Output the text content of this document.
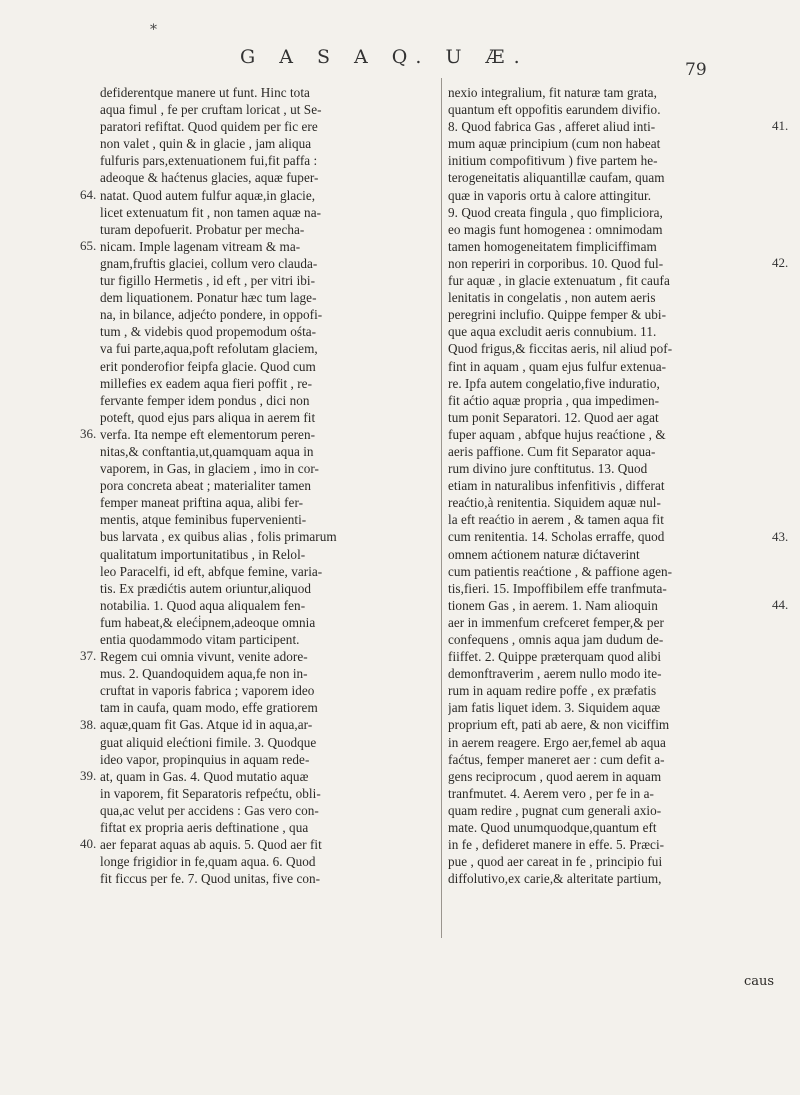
*
G A S A Q. U Æ.
79
defiderentque manere ut funt. Hinc tota
aqua fimul , fe per cruftam loricat , ut Se-
paratori refiftat. Quod quidem per fic ere
non valet , quin & in glacie , jam aliqua
fulfuris pars,extenuationem fui,fit paffa :
adeoque & haćtenus glacies, aquæ fuper-
natat. Quod autem fulfur aquæ,in glacie,
licet extenuatum fit , non tamen aquæ na-
turam depofuerit. Probatur per mecha-
nicam. Imple lagenam vitream & ma-
gnam,fruftis glaciei, collum vero clauda-
tur figillo Hermetis , id eft , per vitri ibi-
dem liquationem. Ponatur hæc tum lage-
na, in bilance, adjećto pondere, in oppofi-
tum , & videbis quod propemodum ośta-
va fui parte,aqua,poft refolutam glaciem,
erit ponderofior feipfa glacie. Quod cum
millefies ex eadem aqua fieri poffit , re-
fervante femper idem pondus , dici non
poteft, quod ejus pars aliqua in aerem fit
verfa. Ita nempe eft elementorum peren-
nitas,& conftantia,ut,quamquam aqua in
vaporem, in Gas, in glaciem , imo in cor-
pora concreta abeat ; materialiter tamen
femper maneat priftina aqua, alibi fer-
mentis, atque feminibus fupervenienti-
bus larvata , ex quibus alias , folis primarum
qualitatum importunitatibus , in Relol-
leo Paracelfi, id eft, abfque femine, varia-
tis. Ex prædićtis autem oriuntur,aliquod
notabilia. 1. Quod aqua aliqualem fen-
fum habeat,& eleći̇pnem,adeoque omnia
entia quodammodo vitam participent.
Regem cui omnia vivunt, venite adore-
mus. 2. Quandoquidem aqua,fe non in-
cruftat in vaporis fabrica ; vaporem ideo
tam in caufa, quam modo, effe gratiorem
aquæ,quam fit Gas. Atque id in aqua,ar-
guat aliquid elećtioni fimile. 3. Quodque
ideo vapor, propinquius in aquam rede-
at, quam in Gas. 4. Quod mutatio aquæ
in vaporem, fit Separatoris refpećtu, obli-
qua,ac velut per accidens : Gas vero con-
fiftat ex propria aeris deftinatione , qua
aer feparat aquas ab aquis. 5. Quod aer fit
longe frigidior in fe,quam aqua. 6. Quod
fit ficcus per fe. 7. Quod unitas, five con-
nexio integralium, fit naturæ tam grata,
quantum eft oppofitis earundem divifio.
8. Quod fabrica Gas , afferet aliud inti-
mum aquæ principium (cum non habeat
initium compofitivum ) five partem he-
terogeneitatis aliquantillæ caufam, quam
quæ in vaporis ortu à calore attingitur.
9. Quod creata fingula , quo fimpliciora,
eo magis funt homogenea : omnimodam
tamen homogeneitatem fimpliciffimam
non reperiri in corporibus. 10. Quod ful-
fur aquæ , in glacie extenuatum , fit caufa
lenitatis in congelatis , non autem aeris
peregrini inclufio. Quippe femper & ubi-
que aqua excludit aeris connubium. 11.
Quod frigus,& ficcitas aeris, nil aliud pof-
fint in aquam , quam ejus fulfur extenua-
re. Ipfa autem congelatio,five induratio,
fit aćtio aquæ propria , qua impedimen-
tum ponit Separatori. 12. Quod aer agat
fuper aquam , abfque hujus reaćtione , &
aeris paffione. Cum fit Separator aqua-
rum divino jure conftitutus. 13. Quod
etiam in naturalibus infenfitivis , differat
reaćtio,à renitentia. Siquidem aquæ nul-
la eft reaćtio in aerem , & tamen aqua fit
cum renitentia. 14. Scholas erraffe, quod
omnem aćtionem naturæ dićtaverint
cum patientis reaćtione , & paffione agen-
tis,fieri. 15. Impoffibilem effe tranfmuta-
tionem Gas , in aerem. 1. Nam alioquin
aer in immenfum crefceret femper,& per
confequens , omnis aqua jam dudum de-
fiiffet. 2. Quippe præterquam quod alibi
demonftraverim , aerem nullo modo ite-
rum in aquam redire poffe , ex præfatis
jam fatis liquet idem. 3. Siquidem aquæ
proprium eft, pati ab aere, & non viciffim
in aerem reagere. Ergo aer,femel ab aqua
faćtus, femper maneret aer : cum defit a-
gens reciprocum , quod aerem in aquam
tranfmutet. 4. Aerem vero , per fe in a-
quam redire , pugnat cum generali axio-
mate. Quod unumquodque,quantum eft
in fe , defideret manere in effe. 5. Præci-
pue , quod aer careat in fe , principio fui
diffolutivo,ex carie,& alteritate partium,
64.
65.
36.
37.
38.
39.
40.
41.
42.
43.
44.
cauѕ
